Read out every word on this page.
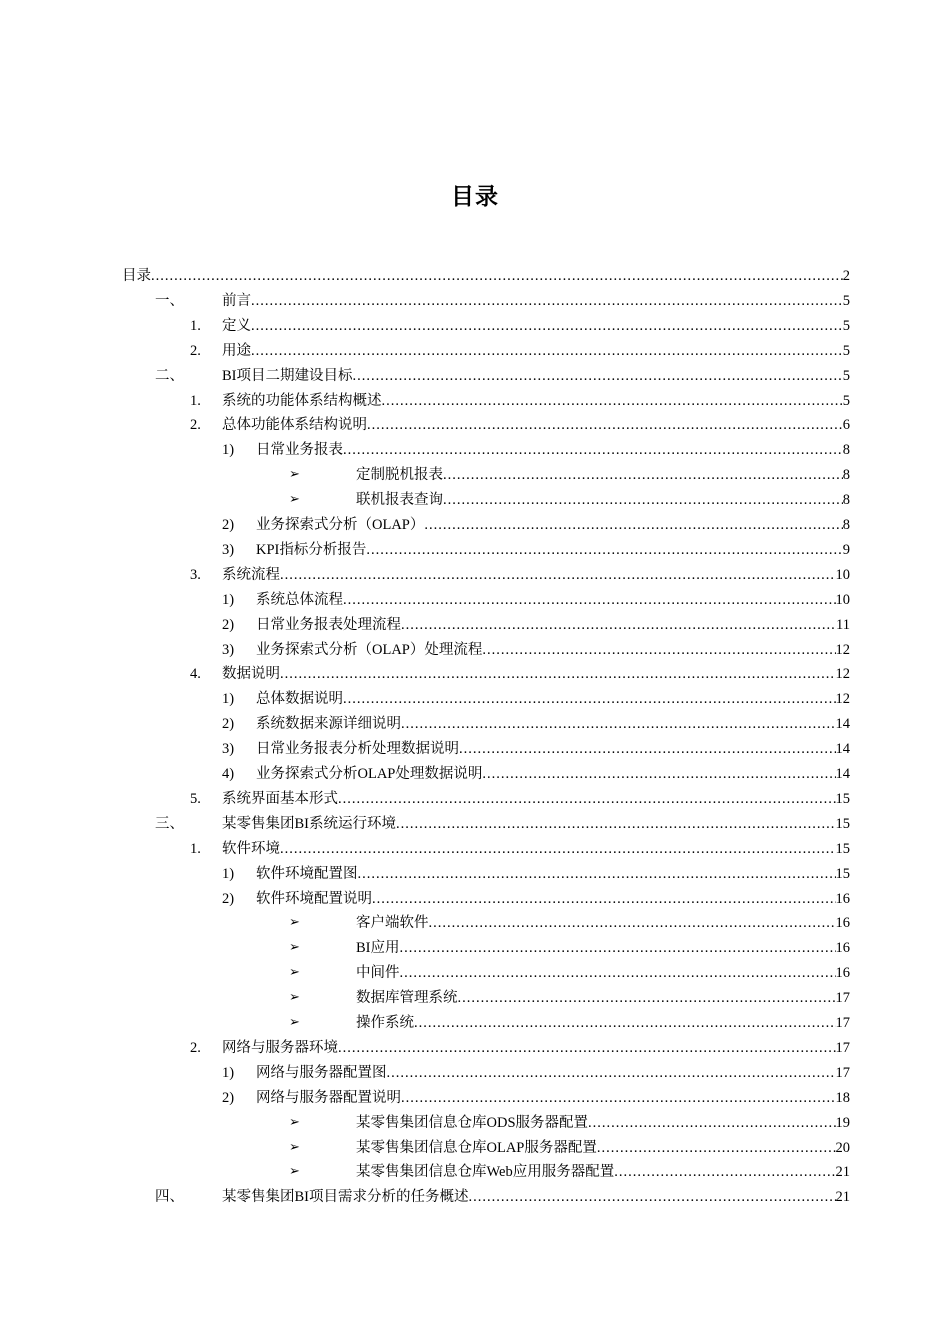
目录
目录 .....	2
一、	前言 .....	5
1. 定义 .....	5
2. 用途 .....	5
二、	BI项目二期建设目标 .....	5
1. 系统的功能体系结构概述 .....	5
2. 总体功能体系结构说明 .....	6
1) 日常业务报表 .....	8
➢	定制脱机报表 .....	8
➢	联机报表查询 .....	8
2) 业务探索式分析（OLAP） .....	8
3) KPI指标分析报告 .....	9
3. 系统流程 .....	10
1) 系统总体流程 .....	10
2) 日常业务报表处理流程 .....	11
3) 业务探索式分析（OLAP）处理流程 .....	12
4. 数据说明 .....	12
1) 总体数据说明 .....	12
2) 系统数据来源详细说明 .....	14
3) 日常业务报表分析处理数据说明 .....	14
4) 业务探索式分析OLAP处理数据说明 .....	14
5. 系统界面基本形式 .....	15
三、	某零售集团BI系统运行环境 .....	15
1. 软件环境 .....	15
1) 软件环境配置图 .....	15
2) 软件环境配置说明 .....	16
➢	客户端软件 .....	16
➢	BI应用 .....	16
➢	中间件 .....	16
➢	数据库管理系统 .....	17
➢	操作系统 .....	17
2. 网络与服务器环境 .....	17
1) 网络与服务器配置图 .....	17
2) 网络与服务器配置说明 .....	18
➢	某零售集团信息仓库ODS服务器配置 .....	19
➢	某零售集团信息仓库OLAP服务器配置 .....	20
➢	某零售集团信息仓库Web应用服务器配置 .....	21
四、	某零售集团BI项目需求分析的任务概述 .....	21
